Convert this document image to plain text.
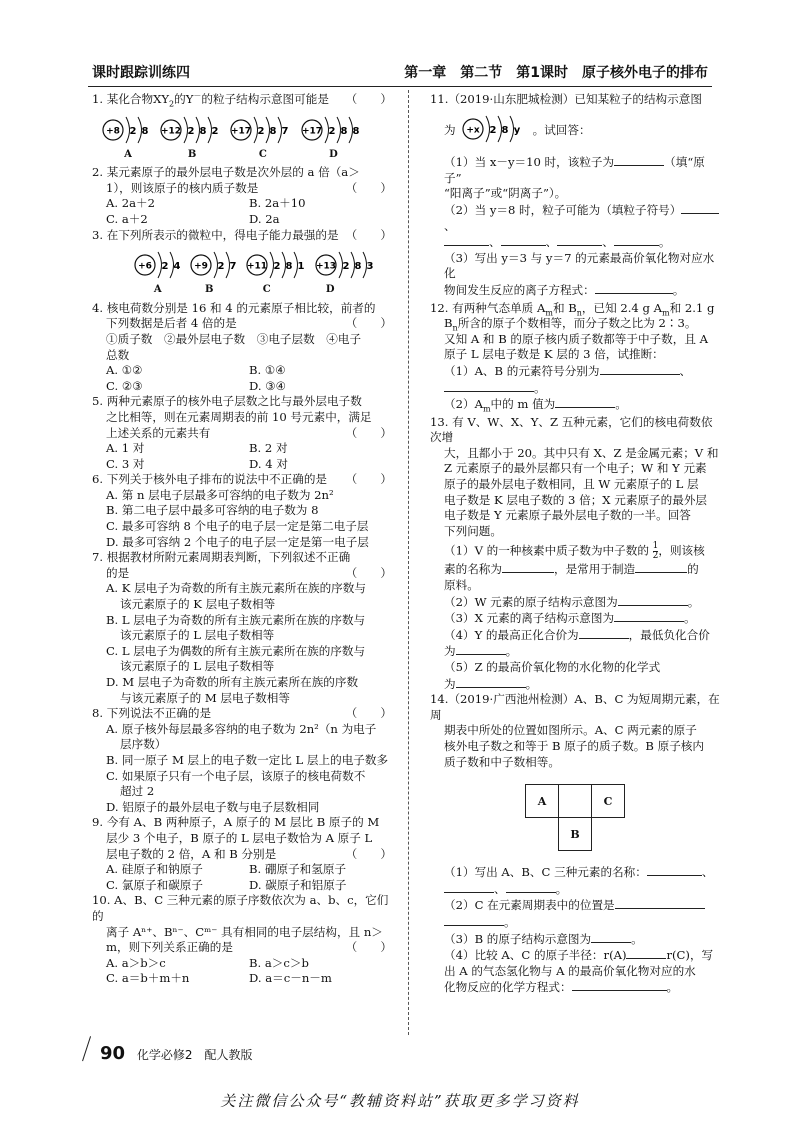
课时跟踪训练四	第一章　第二节　第1课时　原子核外电子的排布
1. 某化合物$XY_2$的Y－的粒子结构示意图可能是 （　　）
+8 2 8 +12 2 8 2 +17 2 8 7 +17 2 8 8
A	B	C	D
2. 某元素原子的最外层电子数是次外层的 a 倍（a＞
1），则该原子的核内质子数是	（　　）
A. 2a＋2	B. 2a＋10
C. a＋2	D. 2a
3. 在下列所表示的微粒中，得电子能力最强的是 （　　）
+6 2 4 +9 2 7 +11 2 8 1 +13 2 8 3
A	B	C	D
4. 核电荷数分别是 16 和 4 的元素原子相比较，前者的
下列数据是后者 4 倍的是	（　　）
①质子数　②最外层电子数　③电子层数　④电子
总数
A. ①②	B. ①④
C. ②③	D. ③④
5. 两种元素原子的核外电子层数之比与最外层电子数
之比相等，则在元素周期表的前 10 号元素中，满足
上述关系的元素共有	（　　）
A. 1 对	B. 2 对
C. 3 对	D. 4 对
6. 下列关于核外电子排布的说法中不正确的是 （　　）
A. 第 n 层电子层最多可容纳的电子数为 2n²
B. 第二电子层中最多可容纳的电子数为 8
C. 最多可容纳 8 个电子的电子层一定是第二电子层
D. 最多可容纳 2 个电子的电子层一定是第一电子层
7. 根据教材所附元素周期表判断，下列叙述不正确
的是	（　　）
A. K 层电子为奇数的所有主族元素所在族的序数与
该元素原子的 K 层电子数相等
B. L 层电子为奇数的所有主族元素所在族的序数与
该元素原子的 L 层电子数相等
C. L 层电子为偶数的所有主族元素所在族的序数与
该元素原子的 L 层电子数相等
D. M 层电子为奇数的所有主族元素所在族的序数
与该元素原子的 M 层电子数相等
8. 下列说法不正确的是	（　　）
A. 原子核外每层最多容纳的电子数为 2n²（n 为电子
层序数）
B. 同一原子 M 层上的电子数一定比 L 层上的电子数多
C. 如果原子只有一个电子层，该原子的核电荷数不
超过 2
D. 铝原子的最外层电子数与电子层数相同
9. 今有 A、B 两种原子，A 原子的 M 层比 B 原子的 M
层少 3 个电子，B 原子的 L 层电子数恰为 A 原子 L
层电子数的 2 倍，A 和 B 分别是	（　　）
A. 硅原子和钠原子	B. 硼原子和氢原子
C. 氯原子和碳原子	D. 碳原子和铝原子
10. A、B、C 三种元素的原子序数依次为 a、b、c，它们的
离子 Aⁿ⁺、Bⁿ⁻、Cᵐ⁻ 具有相同的电子层结构，且 n＞
m，则下列关系正确的是	（　　）
A. a＞b＞c	B. a＞c＞b
C. a＝b＋m＋n	D. a＝c－n－m
11.（2019·山东肥城检测）已知某粒子的结构示意图
为 +x 2 8 y 。试回答：
（1）当 x－y＝10 时，该粒子为	（填“原子”
“阳离子”或“阴离子”）。
（2）当 y＝8 时，粒子可能为（填粒子符号）、
、	、	、	。
（3）写出 y＝3 与 y＝7 的元素最高价氧化物对应水化
物间发生反应的离子方程式：	。
12. 有两种气态单质 $A_m$和 $B_n$，已知 2.4 g $A_m$和 2.1 g
$B_n$所含的原子个数相等，而分子数之比为 2∶3。
又知 A 和 B 的原子核内质子数都等于中子数，且 A
原子 L 层电子数是 K 层的 3 倍，试推断：
（1）A、B 的元素符号分别为	、
。
$(2)A_m$中的 m 值为	。
13. 有 V、W、X、Y、Z 五种元素，它们的核电荷数依次增
大，且都小于 20。其中只有 X、Z 是金属元素；V 和
Z 元素原子的最外层都只有一个电子；W 和 Y 元素
原子的最外层电子数相同，且 W 元素原子的 L 层
电子数是 K 层电子数的 3 倍；X 元素原子的最外层
电子数是 Y 元素原子最外层电子数的一半。回答
下列问题。
（1）V 的一种核素中质子数为中子数的 $\frac{1}{2}$ ，则该核
素的名称为	，是常用于制造	的
原料。
（2）W 元素的原子结构示意图为	。
（3）X 元素的离子结构示意图为	。
（4）Y 的最高正化合价为	，最低负化合价
为	。
（5）Z 的最高价氧化物的水化物的化学式
为	。
14.（2019·广西池州检测）A、B、C 为短周期元素，在周
期表中所处的位置如图所示。A、C 两元素的原子
核外电子数之和等于 B 原子的质子数。B 原子核内
质子数和中子数相等。
A	C
B
（1）写出 A、B、C 三种元素的名称：	、
、	。
（2）C 在元素周期表中的位置是
。
（3）B 的原子结构示意图为	。
（4）比较 A、C 的原子半径：r(A)	r(C)，写
出 A 的气态氢化物与 A 的最高价氧化物对应的水
化物反应的化学方程式：	。
90 化学必修2　配人教版
关注微信公众号“教辅资料站”获取更多学习资料
